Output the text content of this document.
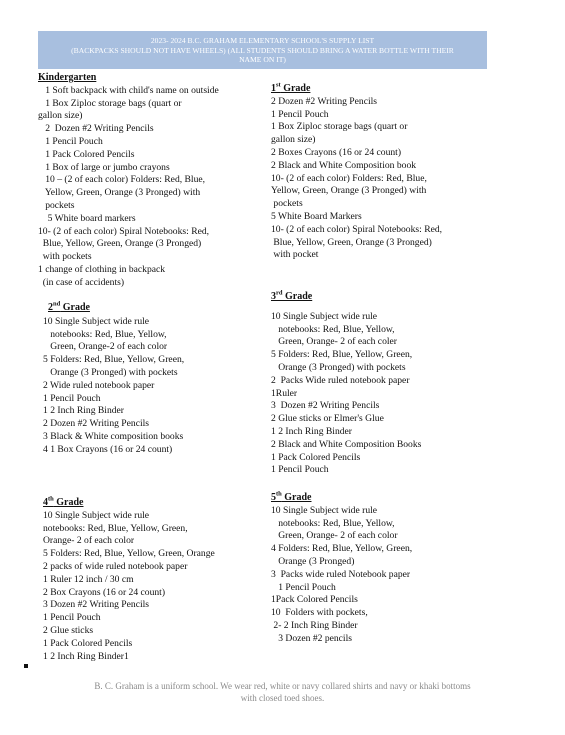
2023- 2024 B.C. GRAHAM ELEMENTARY SCHOOL'S SUPPLY LIST
(BACKPACKS SHOULD NOT HAVE WHEELS) (ALL STUDENTS SHOULD BRING A WATER BOTTLE WITH THEIR
NAME ON IT)
Kindergarten
1 Soft backpack with child's name on outside
1 Box Ziploc storage bags (quart or
gallon size)
2  Dozen #2 Writing Pencils
1 Pencil Pouch
1 Pack Colored Pencils
1 Box of large or jumbo crayons
10 – (2 of each color) Folders: Red, Blue,
Yellow, Green, Orange (3 Pronged) with
pockets
5 White board markers
10- (2 of each color) Spiral Notebooks: Red,
Blue, Yellow, Green, Orange (3 Pronged)
with pockets
1 change of clothing in backpack
(in case of accidents)
1st Grade
2 Dozen #2 Writing Pencils
1 Pencil Pouch
1 Box Ziploc storage bags (quart or
gallon size)
2 Boxes Crayons (16 or 24 count)
2 Black and White Composition book
10- (2 of each color) Folders: Red, Blue,
Yellow, Green, Orange (3 Pronged) with
pockets
5 White Board Markers
10- (2 of each color) Spiral Notebooks: Red,
Blue, Yellow, Green, Orange (3 Pronged)
with pocket
2nd Grade
10 Single Subject wide rule
notebooks: Red, Blue, Yellow,
Green, Orange-2 of each color
5 Folders: Red, Blue, Yellow, Green,
Orange (3 Pronged) with pockets
2 Wide ruled notebook paper
1 Pencil Pouch
1 2 Inch Ring Binder
2 Dozen #2 Writing Pencils
3 Black & White composition books
4 1 Box Crayons (16 or 24 count)
3rd Grade
10 Single Subject wide rule
notebooks: Red, Blue, Yellow,
Green, Orange- 2 of each coler
5 Folders: Red, Blue, Yellow, Green,
Orange (3 Pronged) with pockets
2  Packs Wide ruled notebook paper
1Ruler
3  Dozen #2 Writing Pencils
2 Glue sticks or Elmer's Glue
1 2 Inch Ring Binder
2 Black and White Composition Books
1 Pack Colored Pencils
1 Pencil Pouch
4th Grade
10 Single Subject wide rule
notebooks: Red, Blue, Yellow, Green,
Orange- 2 of each color
5 Folders: Red, Blue, Yellow, Green, Orange
2 packs of wide ruled notebook paper
1 Ruler 12 inch / 30 cm
2 Box Crayons (16 or 24 count)
3 Dozen #2 Writing Pencils
1 Pencil Pouch
2 Glue sticks
1 Pack Colored Pencils
1 2 Inch Ring Binder1
5th Grade
10 Single Subject wide rule
notebooks: Red, Blue, Yellow,
Green, Orange- 2 of each color
4 Folders: Red, Blue, Yellow, Green,
Orange (3 Pronged)
3  Packs wide ruled Notebook paper
1 Pencil Pouch
1Pack Colored Pencils
10  Folders with pockets,
2- 2 Inch Ring Binder
3 Dozen #2 pencils
B. C. Graham is a uniform school. We wear red, white or navy collared shirts and navy or khaki bottoms
with closed toed shoes.
